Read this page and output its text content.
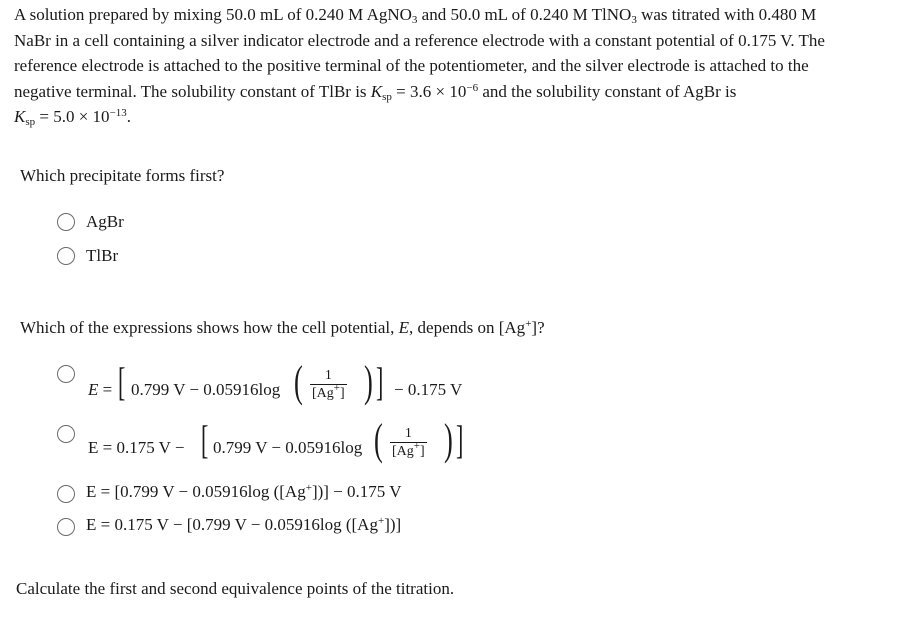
A solution prepared by mixing 50.0 mL of 0.240 M AgNO$_3$ and 50.0 mL of 0.240 M TlNO$_3$ was titrated with 0.480 M
NaBr in a cell containing a silver indicator electrode and a reference electrode with a constant potential of 0.175 V. The
reference electrode is attached to the positive terminal of the potentiometer, and the silver electrode is attached to the
negative terminal. The solubility constant of TlBr is $K_{sp} = 3.6 \times 10^{-6}$ and the solubility constant of AgBr is
$K_{sp} = 5.0 \times 10^{-13}$.
Which precipitate forms first?
AgBr
TlBr
Which of the expressions shows how the cell potential, E, depends on [Ag+]?
E = [ 0.799 V − 0.05916log ( $\frac{1}{[Ag^+]}$ ) ] − 0.175 V
E = 0.175 V − [ 0.799 V − 0.05916log ( $\frac{1}{[Ag^+]}$ ) ]
E = [0.799 V − 0.05916log ([Ag+])] − 0.175 V
E = 0.175 V − [0.799 V − 0.05916log ([Ag+])]
Calculate the first and second equivalence points of the titration.
